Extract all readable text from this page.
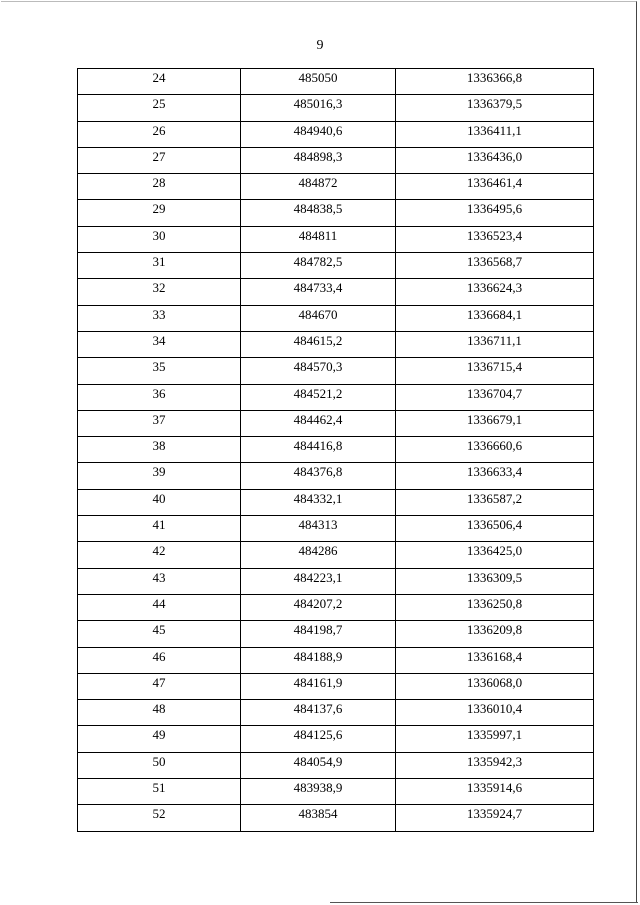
9
24	485050	1336366,8
25	485016,3	1336379,5
26	484940,6	1336411,1
27	484898,3	1336436,0
28	484872	1336461,4
29	484838,5	1336495,6
30	484811	1336523,4
31	484782,5	1336568,7
32	484733,4	1336624,3
33	484670	1336684,1
34	484615,2	1336711,1
35	484570,3	1336715,4
36	484521,2	1336704,7
37	484462,4	1336679,1
38	484416,8	1336660,6
39	484376,8	1336633,4
40	484332,1	1336587,2
41	484313	1336506,4
42	484286	1336425,0
43	484223,1	1336309,5
44	484207,2	1336250,8
45	484198,7	1336209,8
46	484188,9	1336168,4
47	484161,9	1336068,0
48	484137,6	1336010,4
49	484125,6	1335997,1
50	484054,9	1335942,3
51	483938,9	1335914,6
52	483854	1335924,7
